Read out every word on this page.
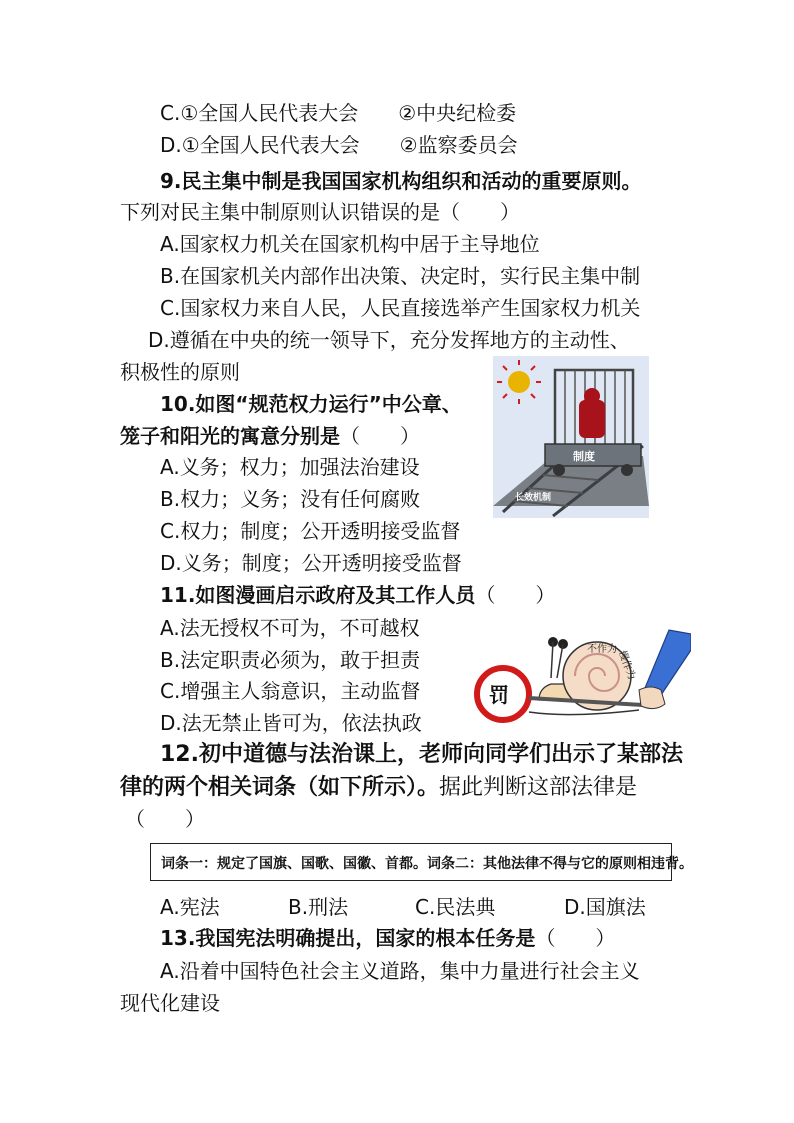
C.①全国人民代表大会　　②中央纪检委
D.①全国人民代表大会　　②监察委员会
9.民主集中制是我国国家机构组织和活动的重要原则。
下列对民主集中制原则认识错误的是（　　）
A.国家权力机关在国家机构中居于主导地位
B.在国家机关内部作出决策、决定时，实行民主集中制
C.国家权力来自人民，人民直接选举产生国家权力机关
D.遵循在中央的统一领导下，充分发挥地方的主动性、
积极性的原则
10.如图“规范权力运行”中公章、
笼子和阳光的寓意分别是（　　）
A.义务；权力；加强法治建设
B.权力；义务；没有任何腐败
C.权力；制度；公开透明接受监督
D.义务；制度；公开透明接受监督
11.如图漫画启示政府及其工作人员（　　）
A.法无授权不可为，不可越权
B.法定职责必须为，敢于担责
C.增强主人翁意识，主动监督
D.法无禁止皆可为，依法执政
12.初中道德与法治课上，老师向同学们出示了某部法
律的两个相关词条（如下所示）。据此判断这部法律是
（　　）
词条一：规定了国旗、国歌、国徽、首都。词条二：其他法律不得与它的原则相违背。
A.宪法	B.刑法	C.民法典	D.国旗法
13.我国宪法明确提出，国家的根本任务是（　　）
A.沿着中国特色社会主义道路，集中力量进行社会主义
现代化建设
制度
长效机制
不作为 慢作为
罚
